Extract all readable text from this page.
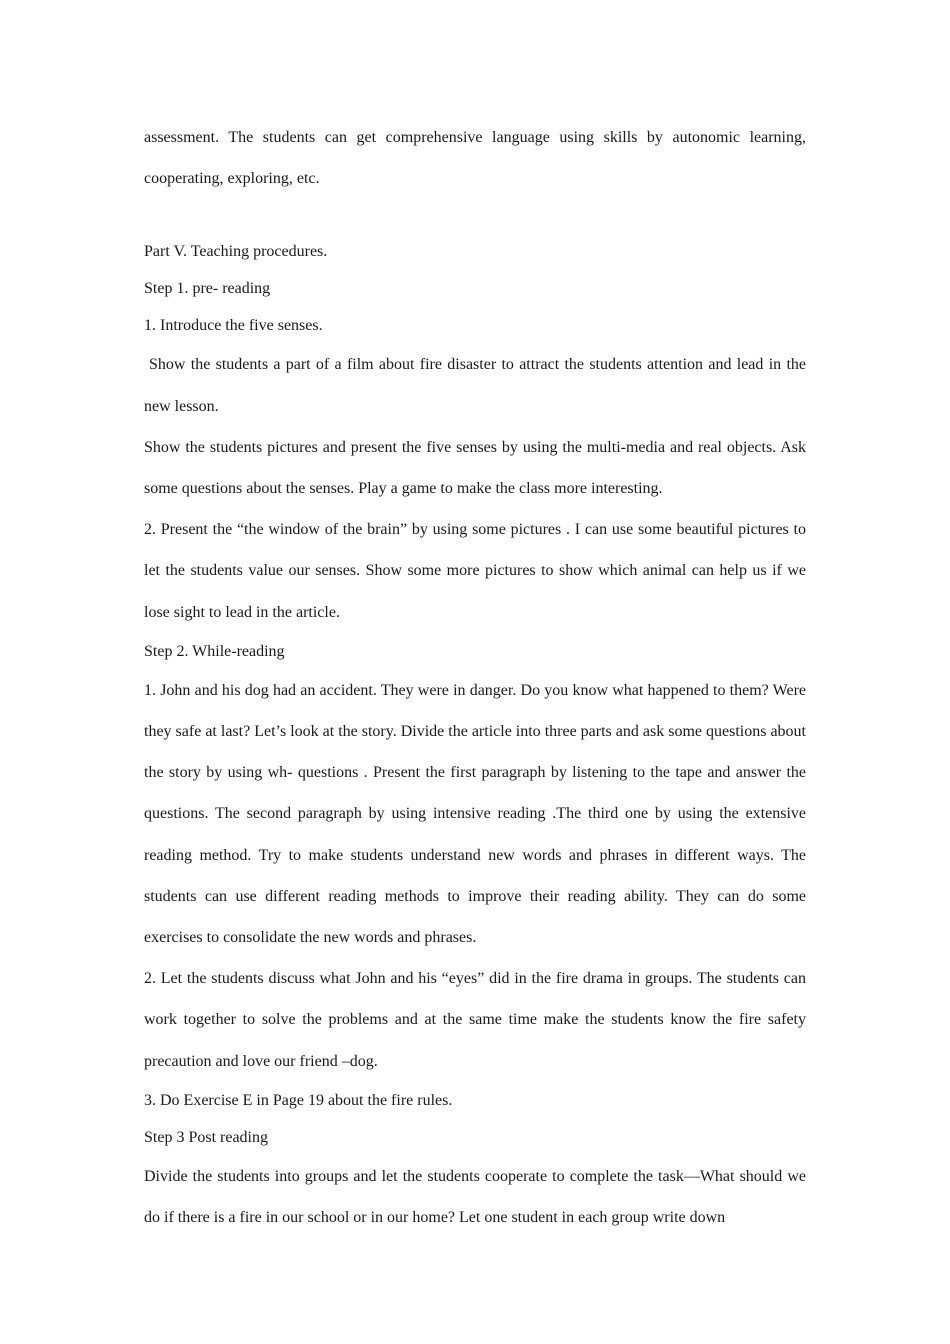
assessment. The students can get comprehensive language using skills by autonomic learning, cooperating, exploring, etc.

Part V. Teaching procedures.

Step 1. pre- reading

1. Introduce the five senses.

Show the students a part of a film about fire disaster to attract the students attention and lead in the new lesson.

Show the students pictures and present the five senses by using the multi-media and real objects. Ask some questions about the senses. Play a game to make the class more interesting.

2. Present the “the window of the brain” by using some pictures . I can use some beautiful pictures to let the students value our senses. Show some more pictures to show which animal can help us if we lose sight to lead in the article.

Step 2. While-reading

1. John and his dog had an accident. They were in danger. Do you know what happened to them? Were they safe at last? Let’s look at the story. Divide the article into three parts and ask some questions about the story by using wh- questions . Present the first paragraph by listening to the tape and answer the questions. The second paragraph by using intensive reading .The third one by using the extensive reading method. Try to make students understand new words and phrases in different ways. The students can use different reading methods to improve their reading ability. They can do some exercises to consolidate the new words and phrases.

2. Let the students discuss what John and his “eyes” did in the fire drama in groups. The students can work together to solve the problems and at the same time make the students know the fire safety precaution and love our friend –dog.

3. Do Exercise E in Page 19 about the fire rules.

Step 3 Post reading

Divide the students into groups and let the students cooperate to complete the task—What should we do if there is a fire in our school or in our home? Let one student in each group write down
